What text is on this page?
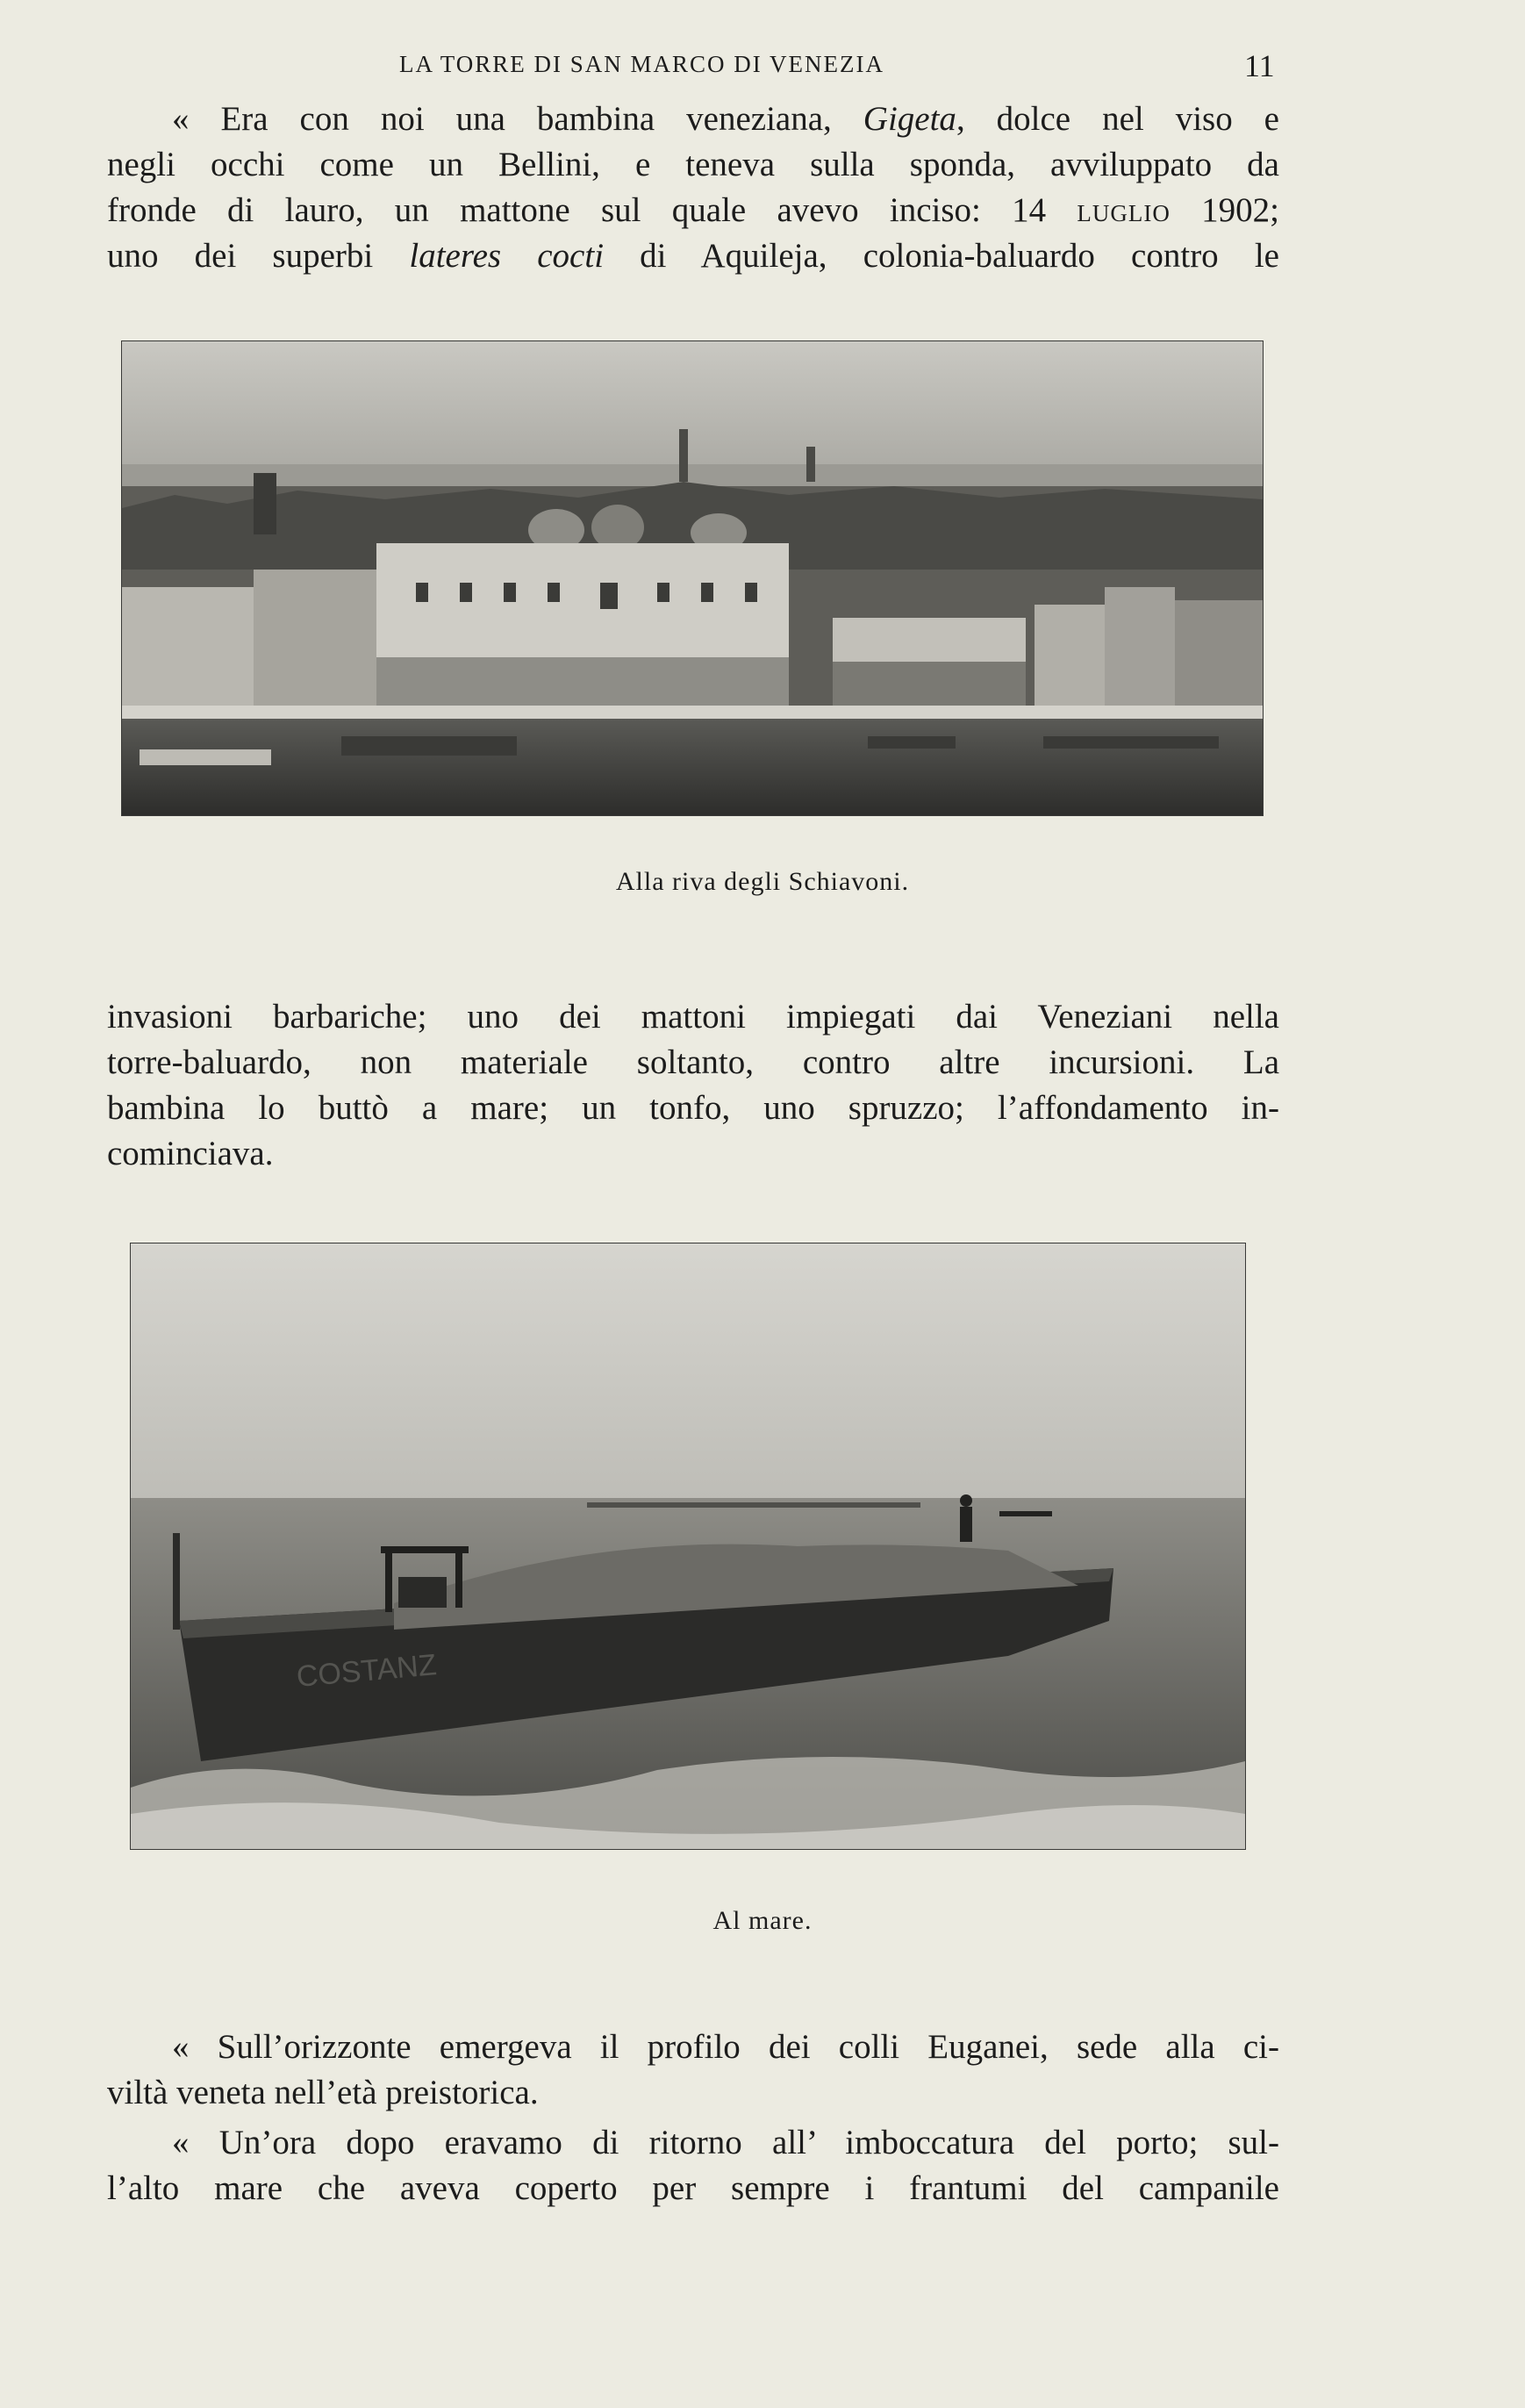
LA TORRE DI SAN MARCO DI VENEZIA	11

« Era con noi una bambina veneziana, Gigeta, dolce nel viso e
negli occhi come un Bellini, e teneva sulla sponda, avviluppato da
fronde di lauro, un mattone sul quale avevo inciso: 14 luglio 1902;
uno dei superbi lateres cocti di Aquileja, colonia-baluardo contro le

Alla riva degli Schiavoni.

invasioni barbariche; uno dei mattoni impiegati dai Veneziani nella
torre-baluardo, non materiale soltanto, contro altre incursioni. La
bambina lo buttò a mare; un tonfo, uno spruzzo; l’affondamento in-
cominciava.

COSTANZ
Al mare.

« Sull’orizzonte emergeva il profilo dei colli Euganei, sede alla ci-
viltà veneta nell’età preistorica.

« Un’ora dopo eravamo di ritorno all’ imboccatura del porto; sul-
l’alto mare che aveva coperto per sempre i frantumi del campanile
